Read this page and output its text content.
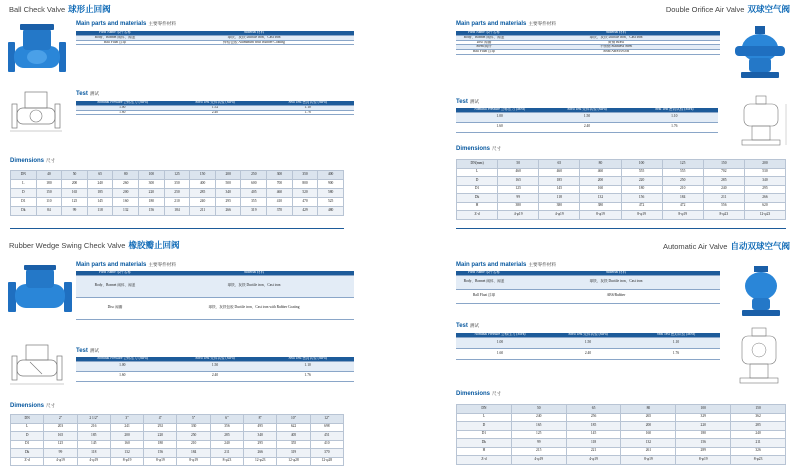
Ball Check Valve 球形止回阀
Main parts and materials 主要零件材料
Parts Name 零件名称	Material 材料
Body、Bonnet 阀体、阀盖	球铁、灰铁 Ductile iron、Cast iron
Ball Float 浮球	铸铝包胶 Aluminum with Rubber Coating
Test 测试
Nominal Pressure 公称压力 (MPa)	Shell Test 壳体试验 (MPa)	Seal Test 密封试验 (MPa)
1.00	1.52	1.10
1.60	2.40	1.76
Dimensions 尺寸
DN	40	50	65	80	100	125	150	200	250	300	350	400
L	180	200	240	260	300	350	400	500	600	700	800	900
D	150	165	185	200	220	250	285	340	405	460	520	580
D1	110	125	145	160	180	210	240	295	355	410	470	525
Dk	84	99	118	132	156	184	211	266	319	370	429	480
Rubber Wedge Swing Check Valve 橡胶瓣止回阀
Main parts and materials 主要零件材料
Parts Name 零件名称	Material 材料
Body、Bonnet 阀体、阀盖	球铁、灰铁 Ductile iron、Cast iron
Disc 阀瓣	球铁、灰铁包胶 Ductile iron、Cast iron with Rubber Coating
Test 测试
Nominal Pressure 公称压力 (MPa)	Shell Test 壳体试验 (MPa)	Seal Test 密封试验 (MPa)
1.00	1.50	1.10
1.60	2.40	1.76
Dimensions 尺寸
DN	2"	2 1/2"	3"	4"	5"	6"	8"	10"	12"
L	203	216	241	292	330	356	495	622	698
D	165	185	200	220	250	285	340	405	451
D1	125	145	160	180	210	240	295	355	410
Dk	99	118	132	156	184	211	266	319	370
Z-d	4-φ19	4-φ19	8-φ19	8-φ19	8-φ19	8-φ23	12-φ23	12-φ28	12-φ28
Double Orifice Air Valve 双球空气阀
Main parts and materials 主要零件材料
Parts Name 零件名称	Material 材料
Body、Bonnet 阀体、阀盖	球铁、灰铁 Ductile iron、Cast iron
Disc 阀瓣	黄铜 Brass
Stem 阀杆	不锈钢 Stainless Steel
Ball Float 浮球	NBR/ABS/EPDM
Test 测试
Nominal Pressure 公称压力 (MPa)	Shell Test 壳体试验 (MPa)	Seal Test 密封试验 (MPa)
1.00	1.50	1.10
1.60	2.40	1.76
Dimensions 尺寸
DN(mm)	50	65	80	100	125	150	200
L	460	460	460	555	555	702	530
D	165	185	200	220	250	285	340
D1	125	145	160	180	210	240	295
Dk	99	118	132	156	184	211	266
H	380	380	380	472	472	556	620
Z-d	4-φ19	4-φ19	8-φ19	8-φ19	8-φ19	8-φ23	12-φ23
Automatic Air Valve 自动双球空气阀
Main parts and materials 主要零件材料
Parts Name 零件名称	Material 材料
Body、Bonnet 阀体、阀盖	球铁、灰铁 Ductile iron、Cast iron
Ball Float 浮球	ABS/Rubber
Test 测试
Nominal Pressure 公称压力 (MPa)	Shell Test 壳体试验 (MPa)	Seal Test 密封试验 (MPa)
1.00	1.50	1.10
1.60	2.40	1.76
Dimensions 尺寸
DN	50	65	80	100	150
L	240	256	265	329	362
D	165	185	200	220	285
D1	125	145	160	180	240
Dk	99	118	132	156	211
H	215	221	261	289	326
Z-d	4-φ19	4-φ19	8-φ19	8-φ19	8-φ23
